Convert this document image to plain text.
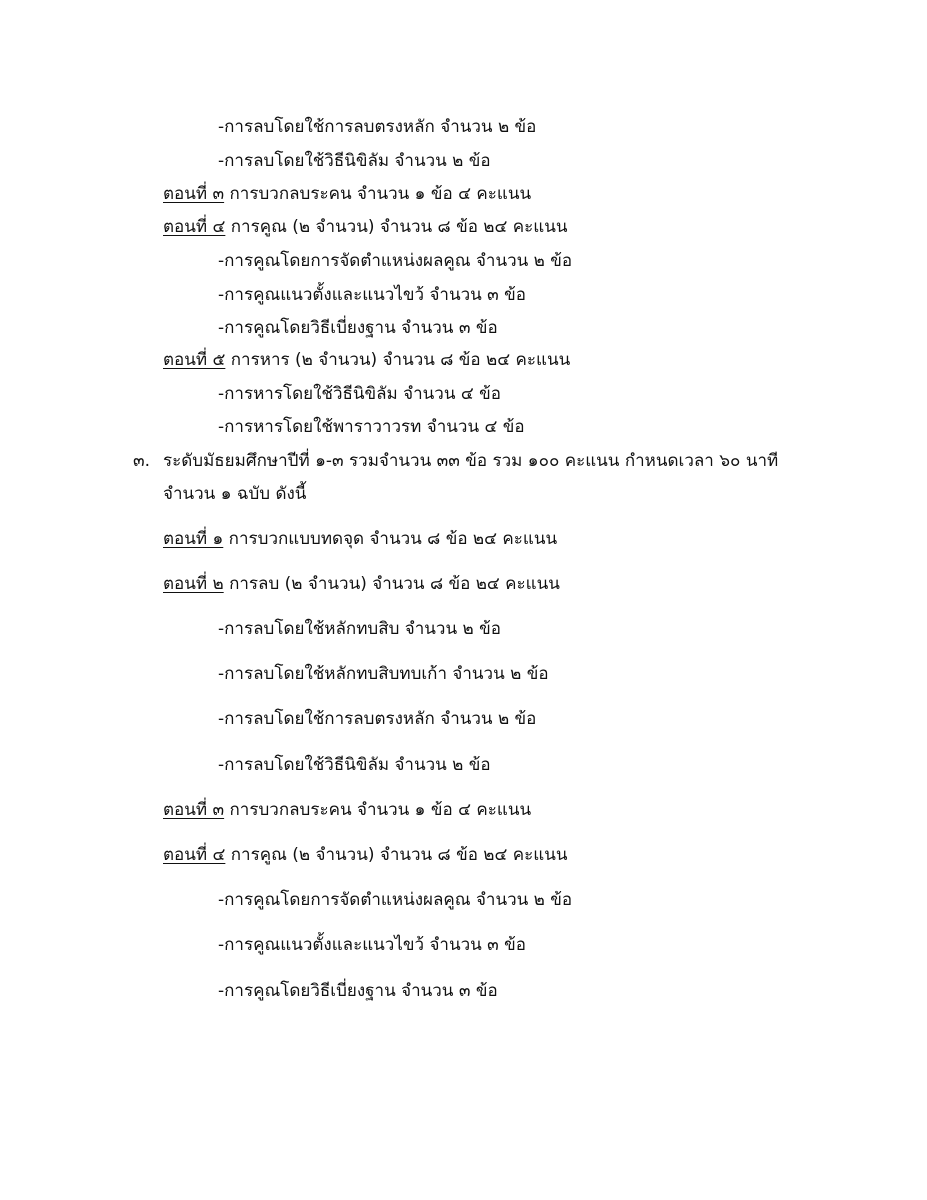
-การลบโดยใช้การลบตรงหลัก จำนวน ๒ ข้อ
-การลบโดยใช้วิธีนิขิลัม จำนวน ๒ ข้อ
ตอนที่ ๓ การบวกลบระคน จำนวน ๑ ข้อ ๔ คะแนน
ตอนที่ ๔ การคูณ (๒ จำนวน) จำนวน ๘ ข้อ ๒๔ คะแนน
-การคูณโดยการจัดตำแหน่งผลคูณ จำนวน ๒ ข้อ
-การคูณแนวตั้งและแนวไขว้ จำนวน ๓ ข้อ
-การคูณโดยวิธีเบี่ยงฐาน จำนวน ๓ ข้อ
ตอนที่ ๕ การหาร (๒ จำนวน) จำนวน ๘ ข้อ ๒๔ คะแนน
-การหารโดยใช้วิธีนิขิลัม จำนวน ๔ ข้อ
-การหารโดยใช้พาราวาวรท จำนวน ๔ ข้อ
๓. ระดับมัธยมศึกษาปีที่ ๑-๓ รวมจำนวน ๓๓ ข้อ รวม ๑๐๐ คะแนน กำหนดเวลา ๖๐ นาที
จำนวน ๑ ฉบับ ดังนี้
ตอนที่ ๑ การบวกแบบทดจุด จำนวน ๘ ข้อ ๒๔ คะแนน
ตอนที่ ๒ การลบ (๒ จำนวน) จำนวน ๘ ข้อ ๒๔ คะแนน
-การลบโดยใช้หลักทบสิบ จำนวน ๒ ข้อ
-การลบโดยใช้หลักทบสิบทบเก้า จำนวน ๒ ข้อ
-การลบโดยใช้การลบตรงหลัก จำนวน ๒ ข้อ
-การลบโดยใช้วิธีนิขิลัม จำนวน ๒ ข้อ
ตอนที่ ๓ การบวกลบระคน จำนวน ๑ ข้อ ๔ คะแนน
ตอนที่ ๔ การคูณ (๒ จำนวน) จำนวน ๘ ข้อ ๒๔ คะแนน
-การคูณโดยการจัดตำแหน่งผลคูณ จำนวน ๒ ข้อ
-การคูณแนวตั้งและแนวไขว้ จำนวน ๓ ข้อ
-การคูณโดยวิธีเบี่ยงฐาน จำนวน ๓ ข้อ
